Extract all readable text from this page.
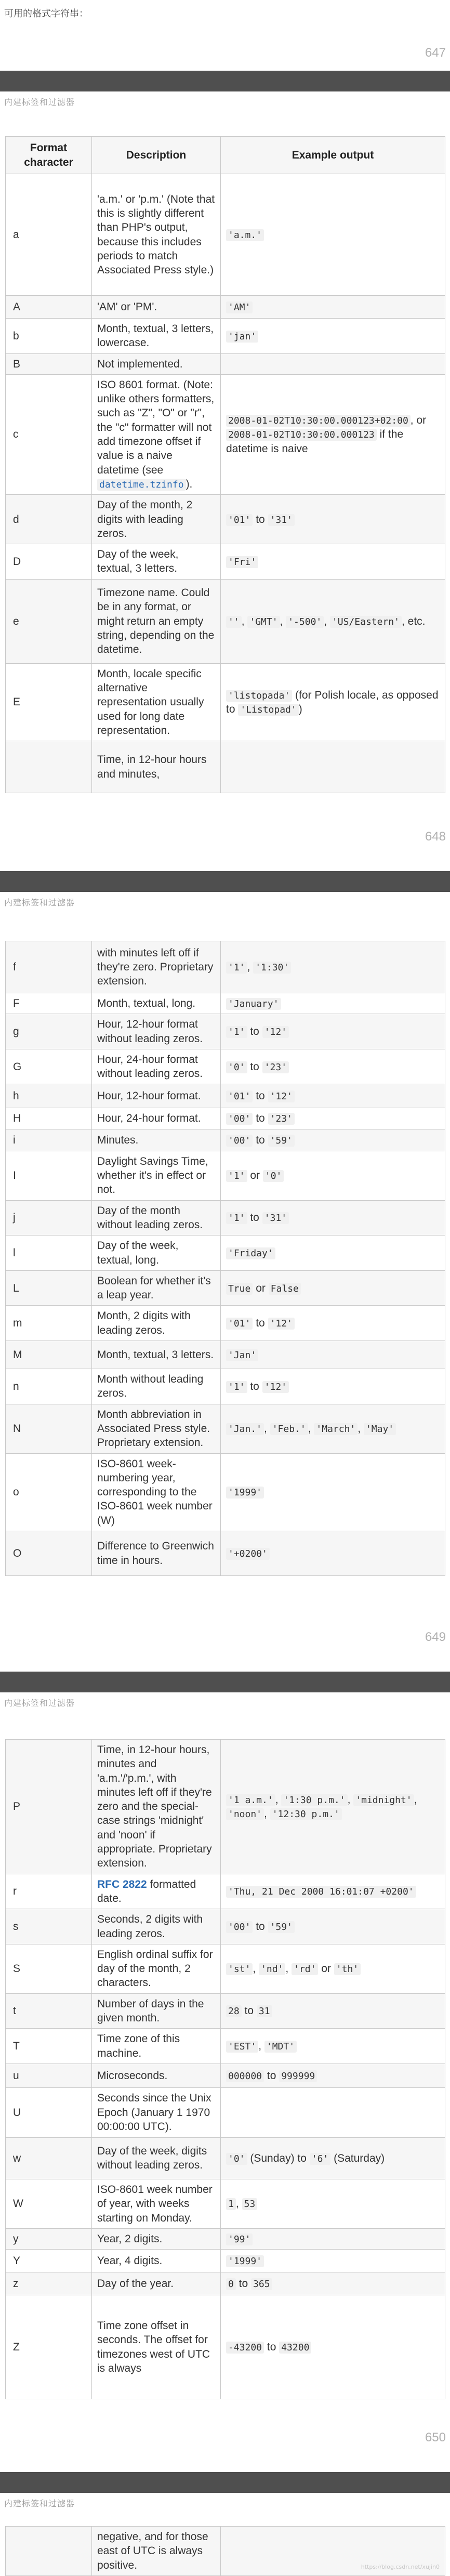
可用的格式字符串：
647
内建标签和过滤器
Format character	Description	Example output
a	'a.m.' or 'p.m.' (Note that this is slightly different than PHP's output, because this includes periods to match Associated Press style.)	'a.m.'
A	'AM' or 'PM'.	'AM'
b	Month, textual, 3 letters, lowercase.	'jan'
B	Not implemented.	
c	ISO 8601 format. (Note: unlike others formatters, such as "Z", "O" or "r", the "c" formatter will not add timezone offset if value is a naive datetime (see datetime.tzinfo ).	2008-01-02T10:30:00.000123+02:00 , or 2008-01-02T10:30:00.000123 if the datetime is naive
d	Day of the month, 2 digits with leading zeros.	'01' to '31'
D	Day of the week, textual, 3 letters.	'Fri'
e	Timezone name. Could be in any format, or might return an empty string, depending on the datetime.	'' , 'GMT' , '-500' , 'US/Eastern' , etc.
E	Month, locale specific alternative representation usually used for long date representation.	'listopada' (for Polish locale, as opposed to 'Listopad' )
	Time, in 12-hour hours and minutes,	
648
内建标签和过滤器
f	with minutes left off if they're zero. Proprietary extension.	'1' , '1:30'
F	Month, textual, long.	'January'
g	Hour, 12-hour format without leading zeros.	'1' to '12'
G	Hour, 24-hour format without leading zeros.	'0' to '23'
h	Hour, 12-hour format.	'01' to '12'
H	Hour, 24-hour format.	'00' to '23'
i	Minutes.	'00' to '59'
I	Daylight Savings Time, whether it's in effect or not.	'1' or '0'
j	Day of the month without leading zeros.	'1' to '31'
l	Day of the week, textual, long.	'Friday'
L	Boolean for whether it's a leap year.	True or False
m	Month, 2 digits with leading zeros.	'01' to '12'
M	Month, textual, 3 letters.	'Jan'
n	Month without leading zeros.	'1' to '12'
N	Month abbreviation in Associated Press style. Proprietary extension.	'Jan.' , 'Feb.' , 'March' , 'May'
o	ISO-8601 week-numbering year, corresponding to the ISO-8601 week number (W)	'1999'
O	Difference to Greenwich time in hours.	'+0200'
649
内建标签和过滤器
P	Time, in 12-hour hours, minutes and 'a.m.'/'p.m.', with minutes left off if they're zero and the special-case strings 'midnight' and 'noon' if appropriate. Proprietary extension.	'1 a.m.' , '1:30 p.m.' , 'midnight' , 'noon' , '12:30 p.m.'
r	RFC 2822 formatted date.	'Thu, 21 Dec 2000 16:01:07 +0200'
s	Seconds, 2 digits with leading zeros.	'00' to '59'
S	English ordinal suffix for day of the month, 2 characters.	'st' , 'nd' , 'rd' or 'th'
t	Number of days in the given month.	28 to 31
T	Time zone of this machine.	'EST' , 'MDT'
u	Microseconds.	000000 to 999999
U	Seconds since the Unix Epoch (January 1 1970 00:00:00 UTC).	
w	Day of the week, digits without leading zeros.	'0' (Sunday) to '6' (Saturday)
W	ISO-8601 week number of year, with weeks starting on Monday.	1 , 53
y	Year, 2 digits.	'99'
Y	Year, 4 digits.	'1999'
z	Day of the year.	0 to 365
Z	Time zone offset in seconds. The offset for timezones west of UTC is always	-43200 to 43200
650
内建标签和过滤器
	negative, and for those east of UTC is always positive.		https://blog.csdn.net/xujin0
